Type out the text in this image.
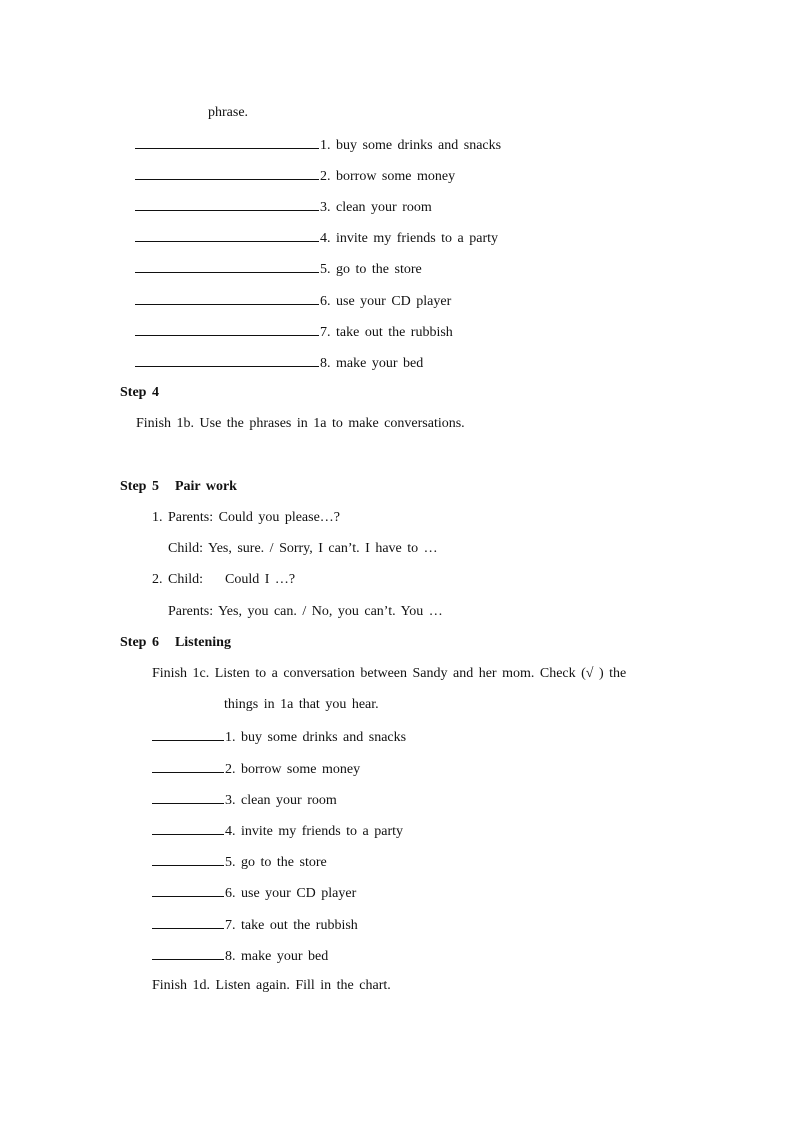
phrase.
1. buy some drinks and snacks
2. borrow some money
3. clean your room
4. invite my friends to a party
5. go to the store
6. use your CD player
7. take out the rubbish
8. make your bed
Step 4
Finish 1b. Use the phrases in 1a to make conversations.
Step 5 Pair work
1. Parents: Could you please…?
Child: Yes, sure. / Sorry, I can’t. I have to …
2. Child:    Could I …?
Parents: Yes, you can. / No, you can’t. You …
Step 6 Listening
Finish 1c. Listen to a conversation between Sandy and her mom. Check (√ ) the
things in 1a that you hear.
1. buy some drinks and snacks
2. borrow some money
3. clean your room
4. invite my friends to a party
5. go to the store
6. use your CD player
7. take out the rubbish
8. make your bed
Finish 1d. Listen again. Fill in the chart.
